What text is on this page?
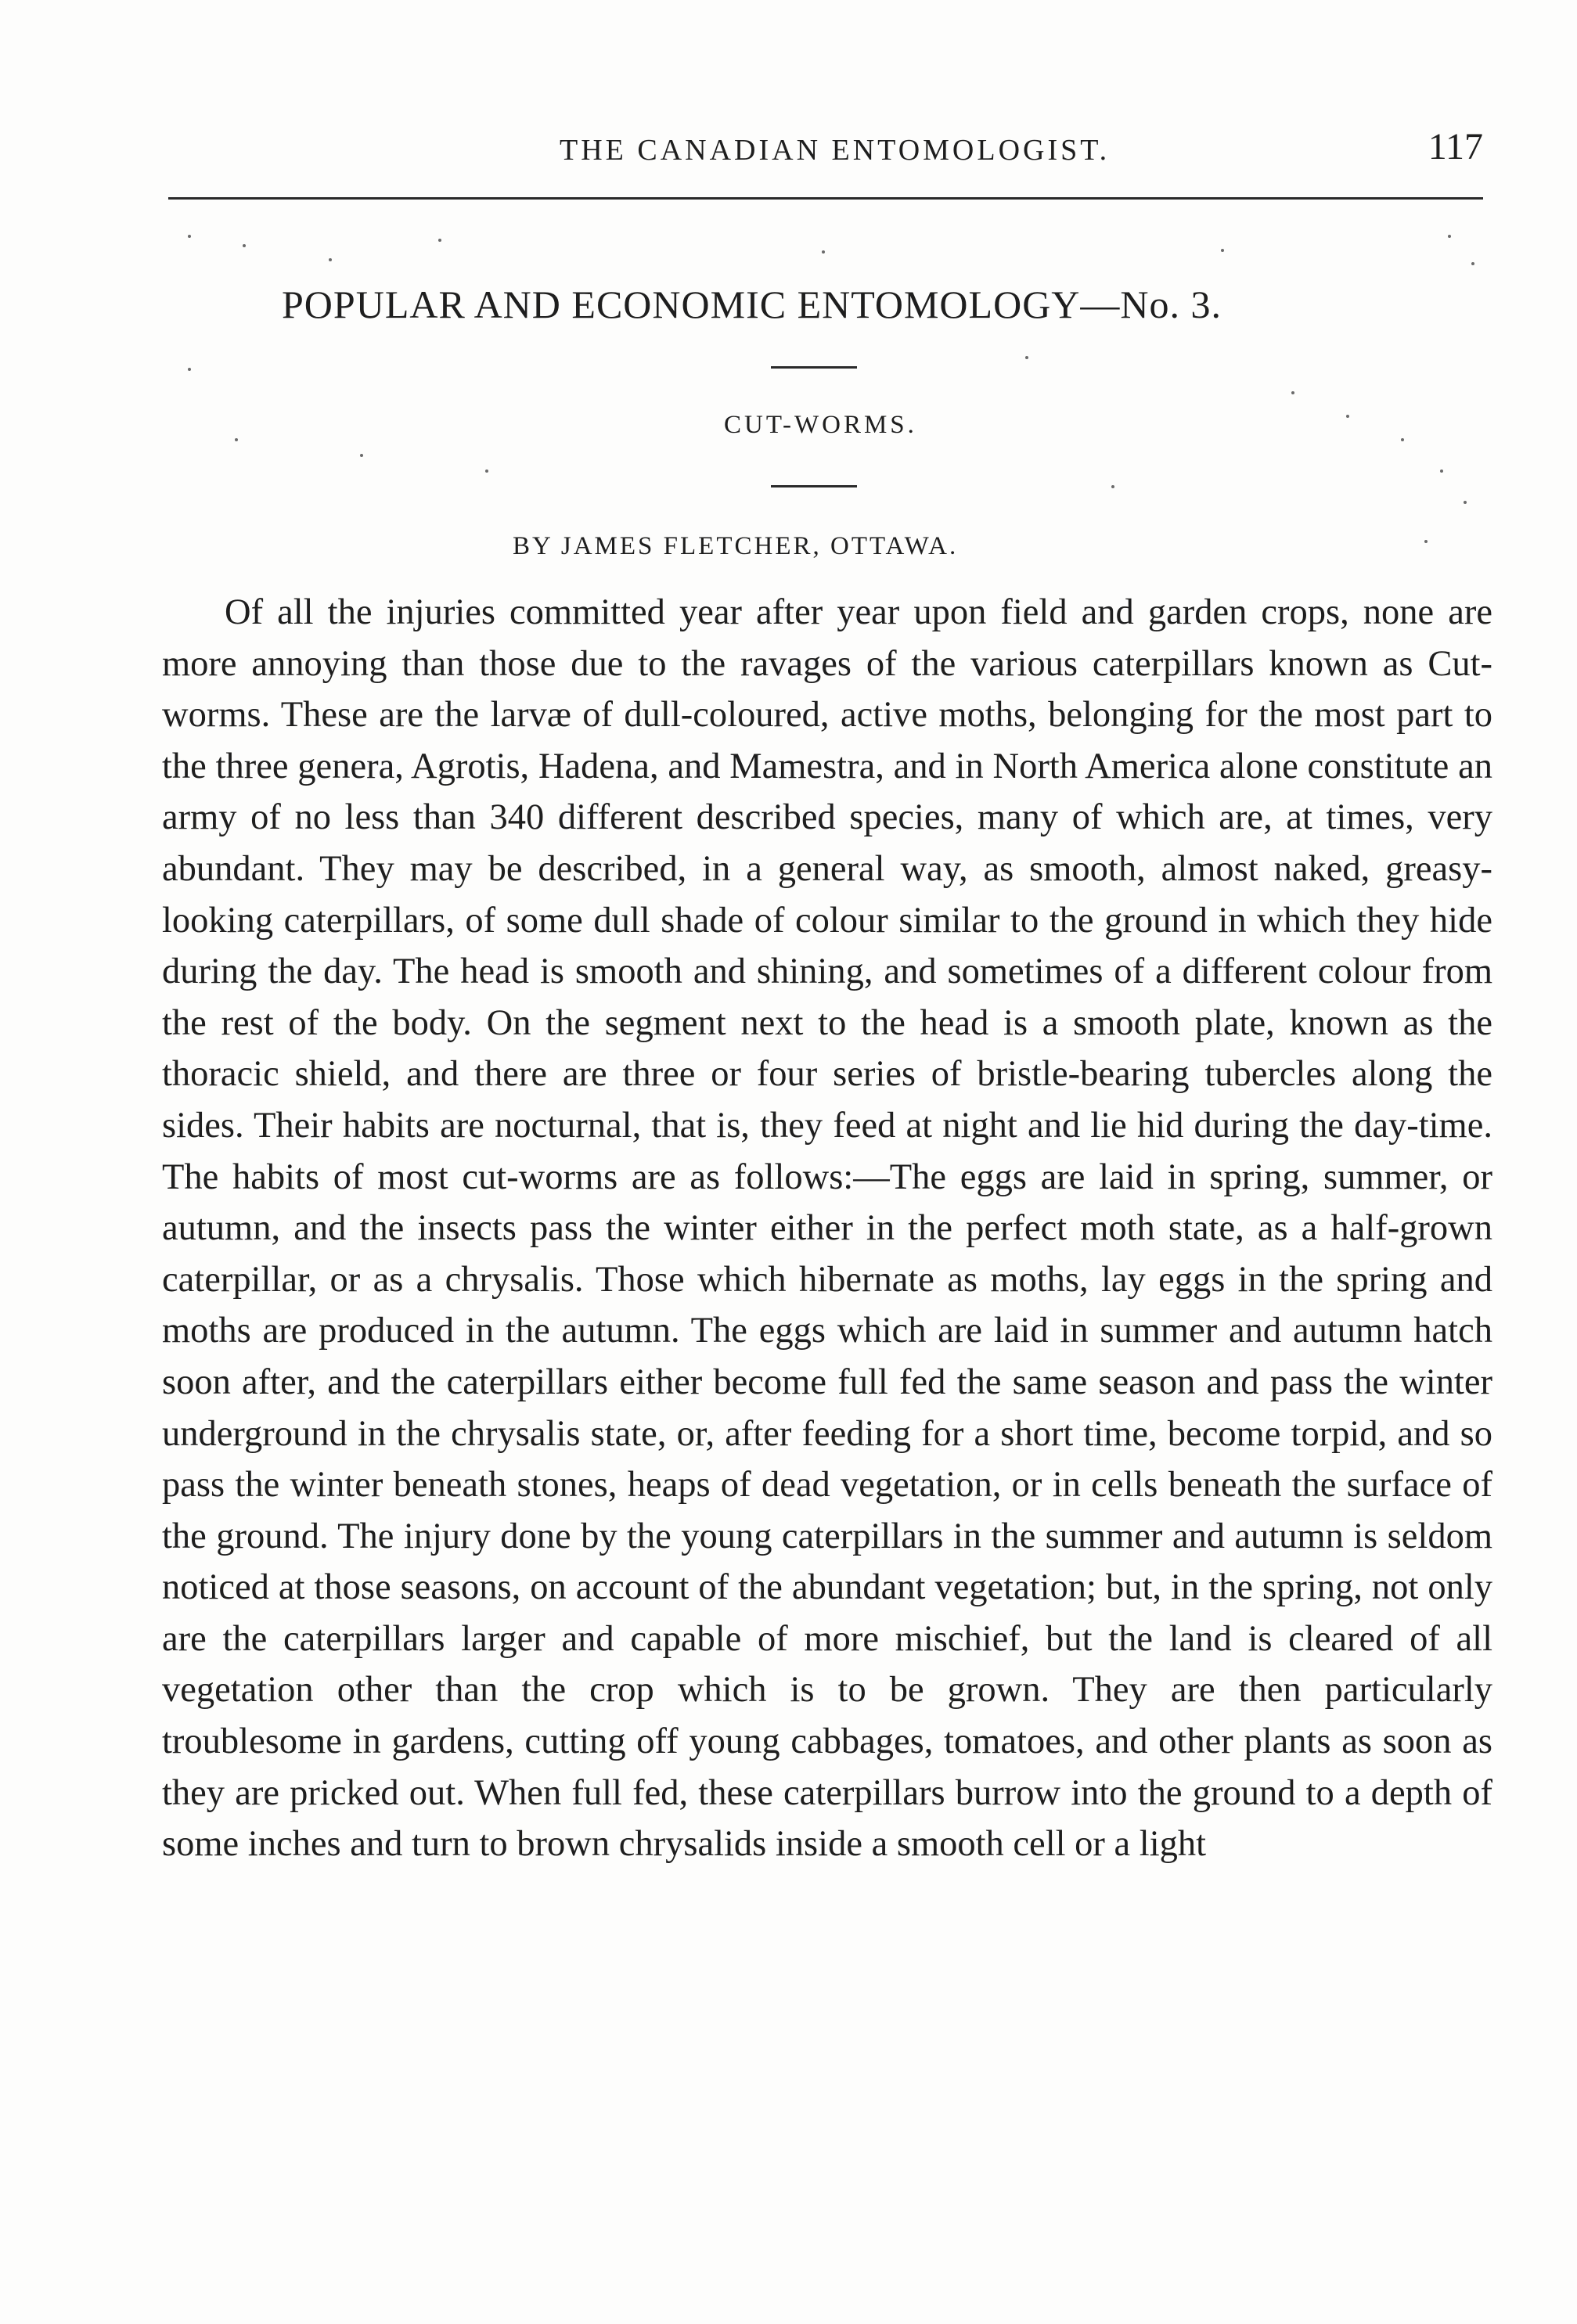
THE CANADIAN ENTOMOLOGIST.	117
POPULAR AND ECONOMIC ENTOMOLOGY—No. 3.
CUT-WORMS.
BY JAMES FLETCHER, OTTAWA.

Of all the injuries committed year after year upon field and garden crops, none are more annoying than those due to the ravages of the various caterpillars known as Cut-worms. These are the larvæ of dull-coloured, active moths, belonging for the most part to the three genera, Agrotis, Hadena, and Mamestra, and in North America alone constitute an army of no less than 340 different described species, many of which are, at times, very abundant. They may be described, in a general way, as smooth, almost naked, greasy-looking caterpillars, of some dull shade of colour similar to the ground in which they hide during the day. The head is smooth and shining, and sometimes of a different colour from the rest of the body. On the segment next to the head is a smooth plate, known as the thoracic shield, and there are three or four series of bristle-bearing tubercles along the sides. Their habits are nocturnal, that is, they feed at night and lie hid during the day-time. The habits of most cut-worms are as follows:—The eggs are laid in spring, summer, or autumn, and the insects pass the winter either in the perfect moth state, as a half-grown caterpillar, or as a chrysalis. Those which hibernate as moths, lay eggs in the spring and moths are produced in the autumn. The eggs which are laid in summer and autumn hatch soon after, and the caterpillars either become full fed the same season and pass the winter underground in the chrysalis state, or, after feeding for a short time, become torpid, and so pass the winter beneath stones, heaps of dead vegetation, or in cells beneath the surface of the ground. The injury done by the young caterpillars in the summer and autumn is seldom noticed at those seasons, on account of the abundant vegetation; but, in the spring, not only are the caterpillars larger and capable of more mischief, but the land is cleared of all vegetation other than the crop which is to be grown. They are then particularly troublesome in gardens, cutting off young cabbages, tomatoes, and other plants as soon as they are pricked out. When full fed, these caterpillars burrow into the ground to a depth of some inches and turn to brown chrysalids inside a smooth cell or a light
